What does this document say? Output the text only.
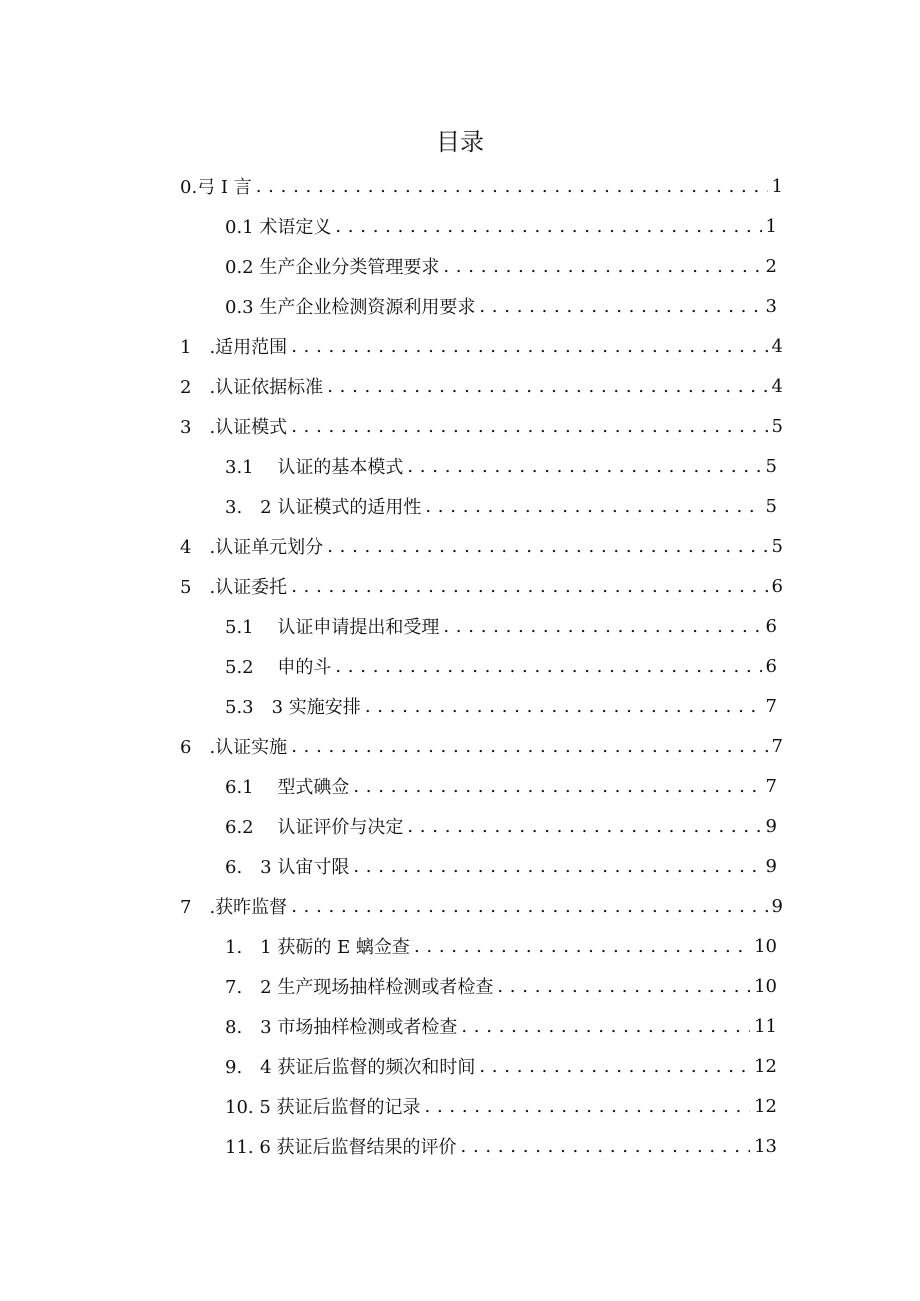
目录
0.弓 I 言 . . .	1
0.1 术语定义 . . .	1
0.2 生产企业分类管理要求 . . .	2
0.3 生产企业检测资源利用要求 . . .	3
1　.适用范围 . . .	4
2　.认证依据标准 . . .	4
3　.认证模式 . . .	5
3.1　 认证的基本模式 . . .	5
3.　2 认证模式的适用性 . . .	5
4　.认证单元划分 . . .	5
5　.认证委托 . . .	6
5.1　 认证申请提出和受理 . . .	6
5.2　 申的斗 . . .	6
5.3　3 实施安排 . . .	7
6　.认证实施 . . .	7
6.1　 型式碘佥 . . .	7
6.2　 认证评价与决定 . . .	9
6.　3 认宙寸限 . . .	9
7　.获昨监督 . . .	9
1.　1 获砺的 E 螭佥查 . . .	10
7.　2 生产现场抽样检测或者检查 . . .	10
8.　3 市场抽样检测或者检查 . . .	11
9.　4 获证后监督的频次和时间 . . .	12
10. 5 获证后监督的记录 . . .	12
11. 6 获证后监督结果的评价 . . .	13
